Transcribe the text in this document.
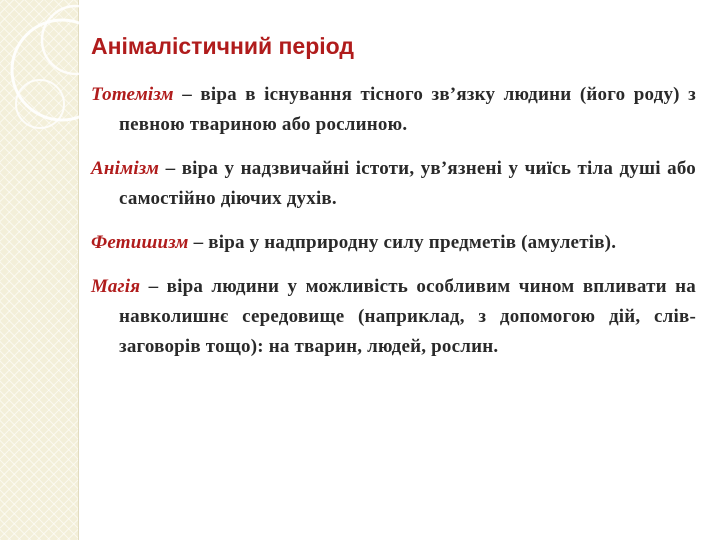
Анімалістичний період

Тотемізм – віра в існування тісного зв’язку людини (його роду) з певною твариною або рослиною.

Анімізм – віра у надзвичайні істоти, ув’язнені у чиїсь тіла душі або самостійно діючих духів.

Фетишизм – віра у надприродну силу предметів (амулетів).

Магія – віра людини у можливість особливим чином впливати на навколишнє середовище (наприклад, з допомогою дій, слів-заговорів тощо): на тварин, людей, рослин.
